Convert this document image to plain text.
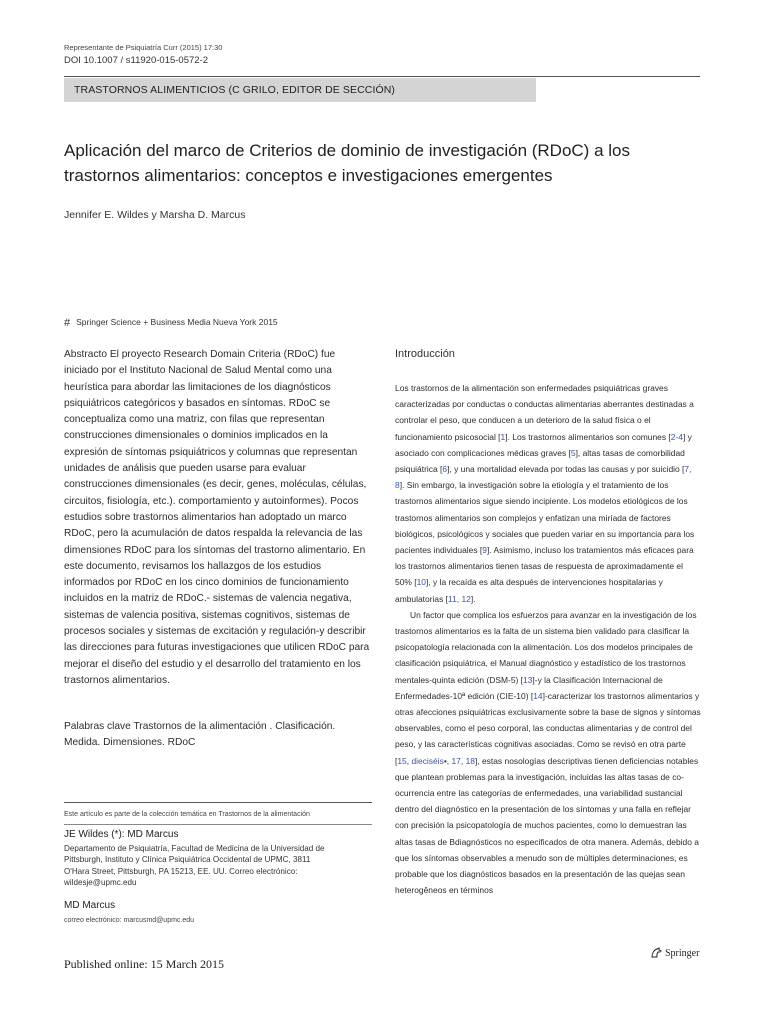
Representante de Psiquiatría Curr (2015) 17:30
DOI 10.1007 / s11920-015-0572-2
TRASTORNOS ALIMENTICIOS (C GRILO, EDITOR DE SECCIÓN)
Aplicación del marco de Criterios de dominio de investigación (RDoC) a los trastornos alimentarios: conceptos e investigaciones emergentes
Jennifer E. Wildes y Marsha D. Marcus
# Springer Science + Business Media Nueva York 2015
Abstracto El proyecto Research Domain Criteria (RDoC) fue iniciado por el Instituto Nacional de Salud Mental como una heurística para abordar las limitaciones de los diagnósticos psiquiátricos categóricos y basados en síntomas. RDoC se conceptualiza como una matriz, con filas que representan construcciones dimensionales o dominios implicados en la expresión de síntomas psiquiátricos y columnas que representan unidades de análisis que pueden usarse para evaluar construcciones dimensionales (es decir, genes, moléculas, células, circuitos, fisiología, etc.). comportamiento y autoinformes). Pocos estudios sobre trastornos alimentarios han adoptado un marco RDoC, pero la acumulación de datos respalda la relevancia de las dimensiones RDoC para los síntomas del trastorno alimentario. En este documento, revisamos los hallazgos de los estudios informados por RDoC en los cinco dominios de funcionamiento incluidos en la matriz de RDoC.- sistemas de valencia negativa, sistemas de valencia positiva, sistemas cognitivos, sistemas de procesos sociales y sistemas de excitación y regulación-y describir las direcciones para futuras investigaciones que utilicen RDoC para mejorar el diseño del estudio y el desarrollo del tratamiento en los trastornos alimentarios.
Palabras clave Trastornos de la alimentación . Clasificación. Medida. Dimensiones. RDoC
Este artículo es parte de la colección temática en Trastornos de la alimentación
JE Wildes (*): MD Marcus
Departamento de Psiquiatría, Facultad de Medicina de la Universidad de Pittsburgh, Instituto y Clínica Psiquiátrica Occidental de UPMC, 3811 O'Hara Street, Pittsburgh, PA 15213, EE. UU. Correo electrónico: wildesje@upmc.edu
MD Marcus
correo electrónico: marcusmd@upmc.edu
Published online: 15 March 2015
Springer
Introducción

Los trastornos de la alimentación son enfermedades psiquiátricas graves caracterizadas por conductas o conductas alimentarias aberrantes destinadas a controlar el peso, que conducen a un deterioro de la salud física o el funcionamiento psicosocial [1]. Los trastornos alimentarios son comunes [2-4] y asociado con complicaciones médicas graves [5], altas tasas de comorbilidad psiquiátrica [6], y una mortalidad elevada por todas las causas y por suicidio [7, 8]. Sin embargo, la investigación sobre la etiología y el tratamiento de los trastornos alimentarios sigue siendo incipiente. Los modelos etiológicos de los trastornos alimentarios son complejos y enfatizan una miríada de factores biológicos, psicológicos y sociales que pueden variar en su importancia para los pacientes individuales [9]. Asimismo, incluso los tratamientos más eficaces para los trastornos alimentarios tienen tasas de respuesta de aproximadamente el 50% [10], y la recaída es alta después de intervenciones hospitalarias y ambulatorias [11, 12].

Un factor que complica los esfuerzos para avanzar en la investigación de los trastornos alimentarios es la falta de un sistema bien validado para clasificar la psicopatología relacionada con la alimentación. Los dos modelos principales de clasificación psiquiátrica, el Manual diagnóstico y estadístico de los trastornos mentales-quinta edición (DSM-5) [13]-y la Clasificación Internacional de Enfermedades-10ª edición (CIE-10) [14]-caracterizar los trastornos alimentarios y otras afecciones psiquiátricas exclusivamente sobre la base de signos y síntomas observables, como el peso corporal, las conductas alimentarias y de control del peso, y las características cognitivas asociadas. Como se revisó en otra parte [15, dieciséis•, 17, 18], estas nosologías descriptivas tienen deficiencias notables que plantean problemas para la investigación, incluidas las altas tasas de co-ocurrencia entre las categorías de enfermedades, una variabilidad sustancial dentro del diagnóstico en la presentación de los síntomas y una falla en reflejar con precisión la psicopatología de muchos pacientes, como lo demuestran las altas tasas de Bdiagnósticos no especificados de otra manera. Además, debido a que los síntomas observables a menudo son de múltiples determinaciones, es probable que los diagnósticos basados en la presentación de las quejas sean heterogêneos en términos
